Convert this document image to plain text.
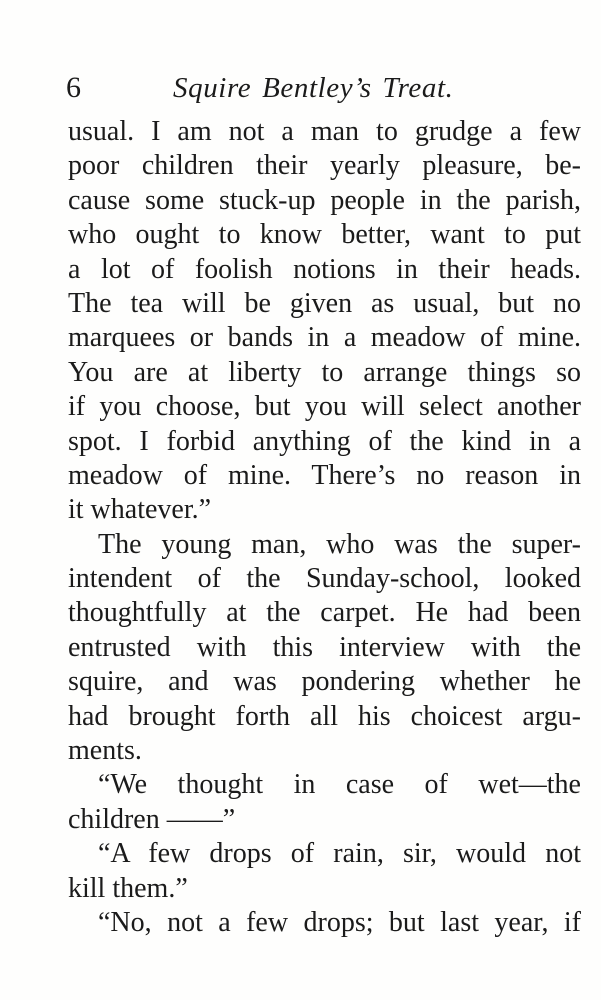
6	Squire Bentley’s Treat.
usual. I am not a man to grudge a few
poor children their yearly pleasure, be-
cause some stuck-up people in the parish,
who ought to know better, want to put
a lot of foolish notions in their heads.
The tea will be given as usual, but no
marquees or bands in a meadow of mine.
You are at liberty to arrange things so
if you choose, but you will select another
spot. I forbid anything of the kind in a
meadow of mine. There’s no reason in
it whatever.”
The young man, who was the super-
intendent of the Sunday-school, looked
thoughtfully at the carpet. He had been
entrusted with this interview with the
squire, and was pondering whether he
had brought forth all his choicest argu-
ments.
“We thought in case of wet—the
children ——”
“A few drops of rain, sir, would not
kill them.”
“No, not a few drops; but last year, if
